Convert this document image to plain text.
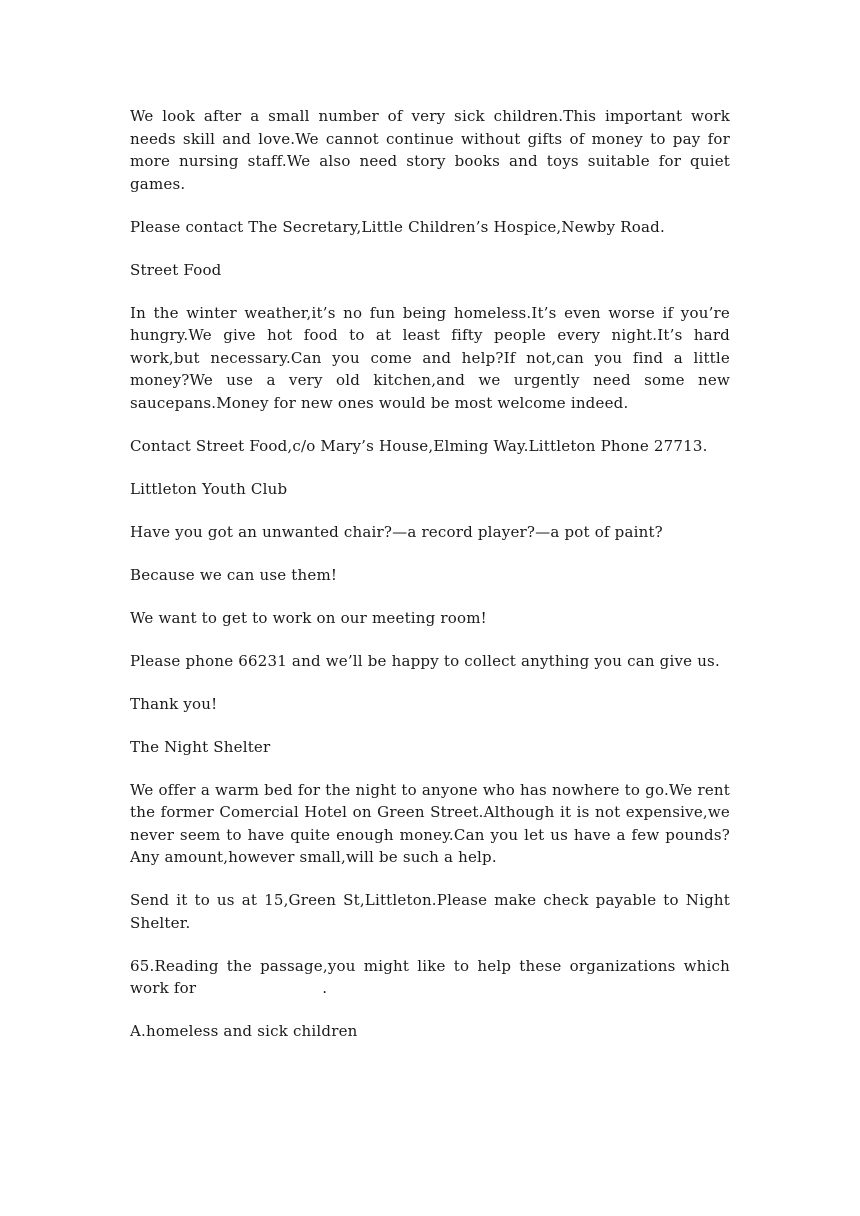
We look after a small number of very sick children.This important work needs skill and love.We cannot continue without gifts of money to pay for more nursing staff.We also need story books and toys suitable for quiet games.

Please contact The Secretary,Little Children’s Hospice,Newby Road.

Street Food

In the winter weather,it’s no fun being homeless.It’s even worse if you’re hungry.We give hot food to at least fifty people every night.It’s hard work,but necessary.Can you come and help?If not,can you find a little money?We use a very old kitchen,and we urgently need some new saucepans.Money for new ones would be most welcome indeed.

Contact Street Food,c/o Mary’s House,Elming Way.Littleton Phone 27713.

Littleton Youth Club

Have you got an unwanted chair?—a record player?—a pot of paint?

Because we can use them!

We want to get to work on our meeting room!

Please phone 66231 and we’ll be happy to collect anything you can give us.

Thank you!

The Night Shelter

We offer a warm bed for the night to anyone who has nowhere to go.We rent the former Comercial Hotel on Green Street.Although it is not expensive,we never seem to have quite enough money.Can you let us have a few pounds?Any amount,however small,will be such a help.

Send it to us at 15,Green St,Littleton.Please make check payable to Night Shelter.

65.Reading the passage,you might like to help these organizations which work for	.

A.homeless and sick children
